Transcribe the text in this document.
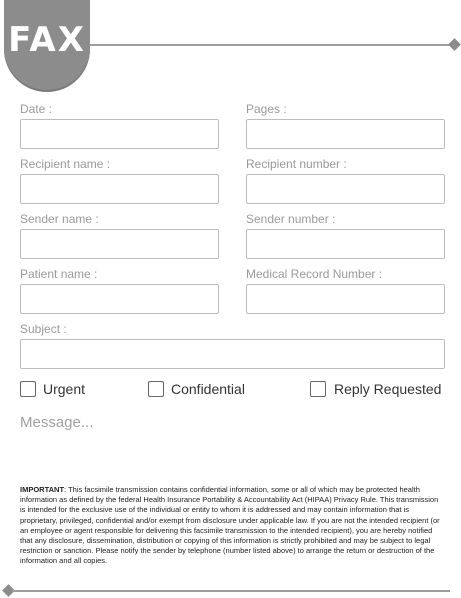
FAX
Date :	Pages :
Recipient name :	Recipient number :
Sender name :	Sender number :
Patient name :	Medical Record Number :
Subject :
Urgent	Confidential	Reply Requested
Message...
IMPORTANT: This facsimile transmission contains confidential information, some or all of which may be protected health information as defined by the federal Health Insurance Portability & Accountability Act (HIPAA) Privacy Rule. This transmission is intended for the exclusive use of the individual or entity to whom it is addressed and may contain information that is proprietary, privileged, confidential and/or exempt from disclosure under applicable law. If you are not the intended recipient (or an employee or agent responsible for delivering this facsimile transmission to the intended recipient), you are hereby notified that any disclosure, dissemination, distribution or copying of this information is strictly prohibited and may be subject to legal restriction or sanction. Please notify the sender by telephone (number listed above) to arrange the return or destruction of the information and all copies.
